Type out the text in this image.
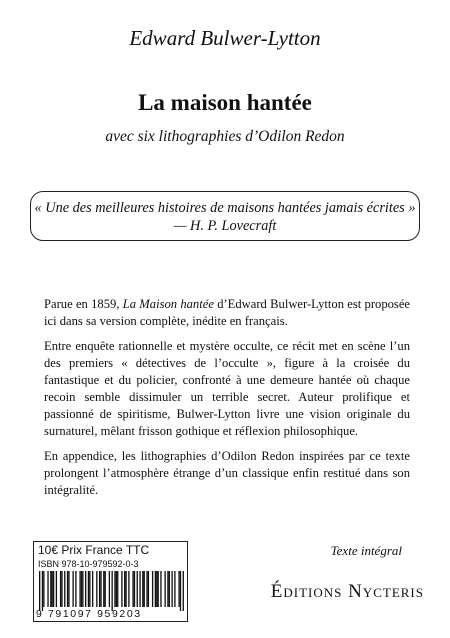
Edward Bulwer-Lytton
La maison hantée
avec six lithographies d’Odilon Redon
« Une des meilleures histoires de maisons hantées jamais écrites »
— H. P. Lovecraft

Parue en 1859, La Maison hantée d’Edward Bulwer-Lytton est proposée ici dans sa version complète, inédite en français.

Entre enquête rationnelle et mystère occulte, ce récit met en scène l’un des premiers « détectives de l’occulte », figure à la croisée du fantastique et du policier, confronté à une demeure hantée où chaque recoin semble dissimuler un terrible secret. Auteur prolifique et passionné de spiritisme, Bulwer-Lytton livre une vision originale du surnaturel, mêlant frisson gothique et réflexion philosophique.

En appendice, les lithographies d’Odilon Redon inspirées par ce texte prolongent l’atmosphère étrange d’un classique enfin restitué dans son intégralité.

10€ Prix France TTC
ISBN 978-10-979592-0-3
9 791097 959203
Texte intégral
Éditions Nycteris
